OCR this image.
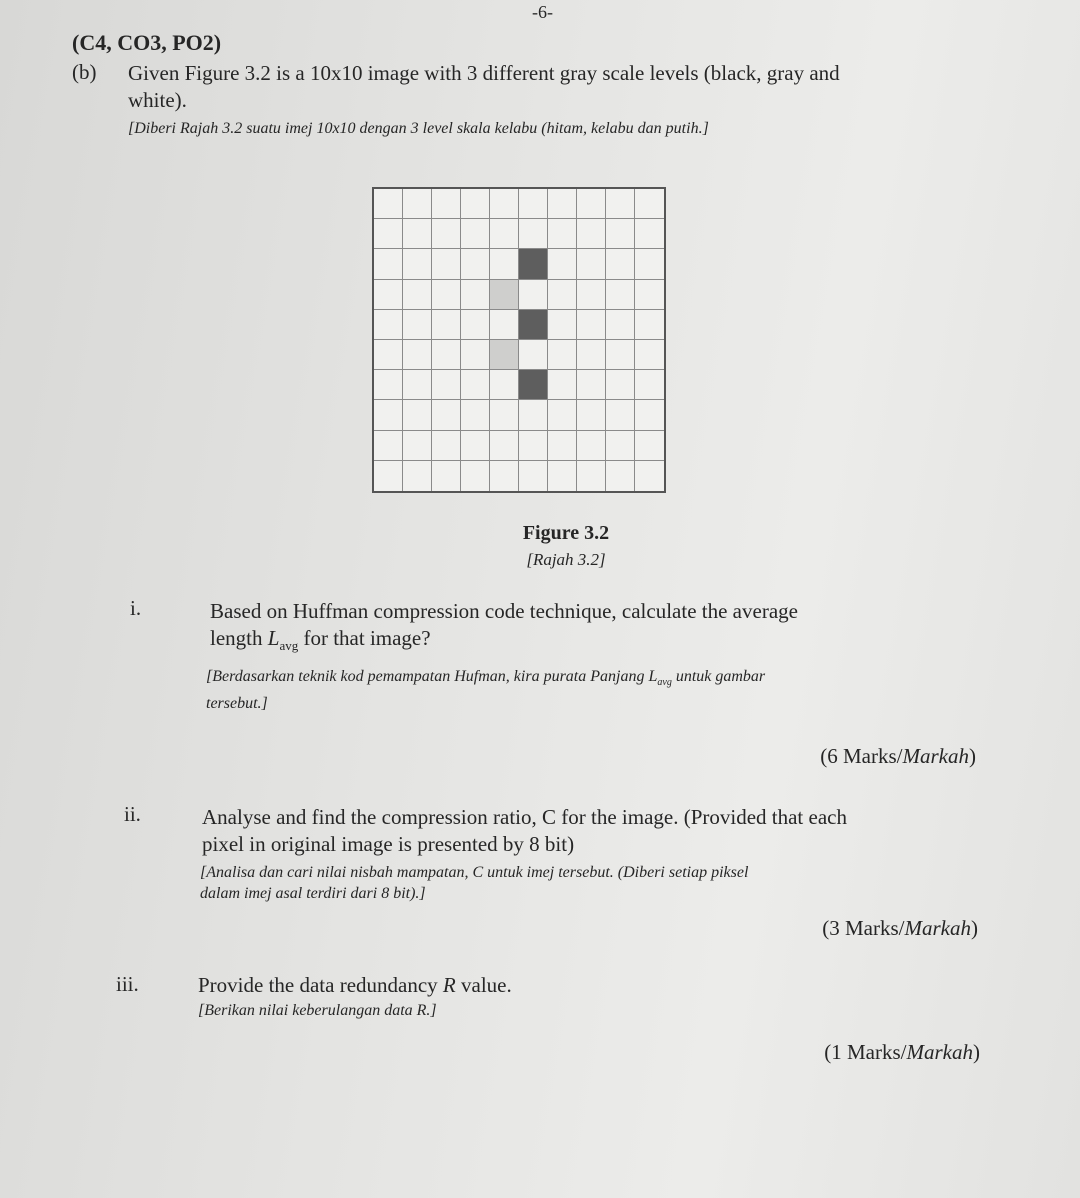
-6-
(C4, CO3, PO2)
(b) Given Figure 3.2 is a 10x10 image with 3 different gray scale levels (black, gray and
white).
[Diberi Rajah 3.2 suatu imej 10x10 dengan 3 level skala kelabu (hitam, kelabu dan putih.]
Figure 3.2
[Rajah 3.2]
i.	Based on Huffman compression code technique, calculate the average
length $L_{avg}$ for that image?
[Berdasarkan teknik kod pemampatan Hufman, kira purata Panjang $L_{avg}$ untuk gambar
tersebut.]
(6 Marks/Markah)
ii.	Analyse and find the compression ratio, C for the image. (Provided that each
pixel in original image is presented by 8 bit)
[Analisa dan cari nilai nisbah mampatan, C untuk imej tersebut. (Diberi setiap piksel
dalam imej asal terdiri dari 8 bit).]
(3 Marks/Markah)
iii.	Provide the data redundancy R value.
[Berikan nilai keberulangan data R.]
(1 Marks/Markah)
